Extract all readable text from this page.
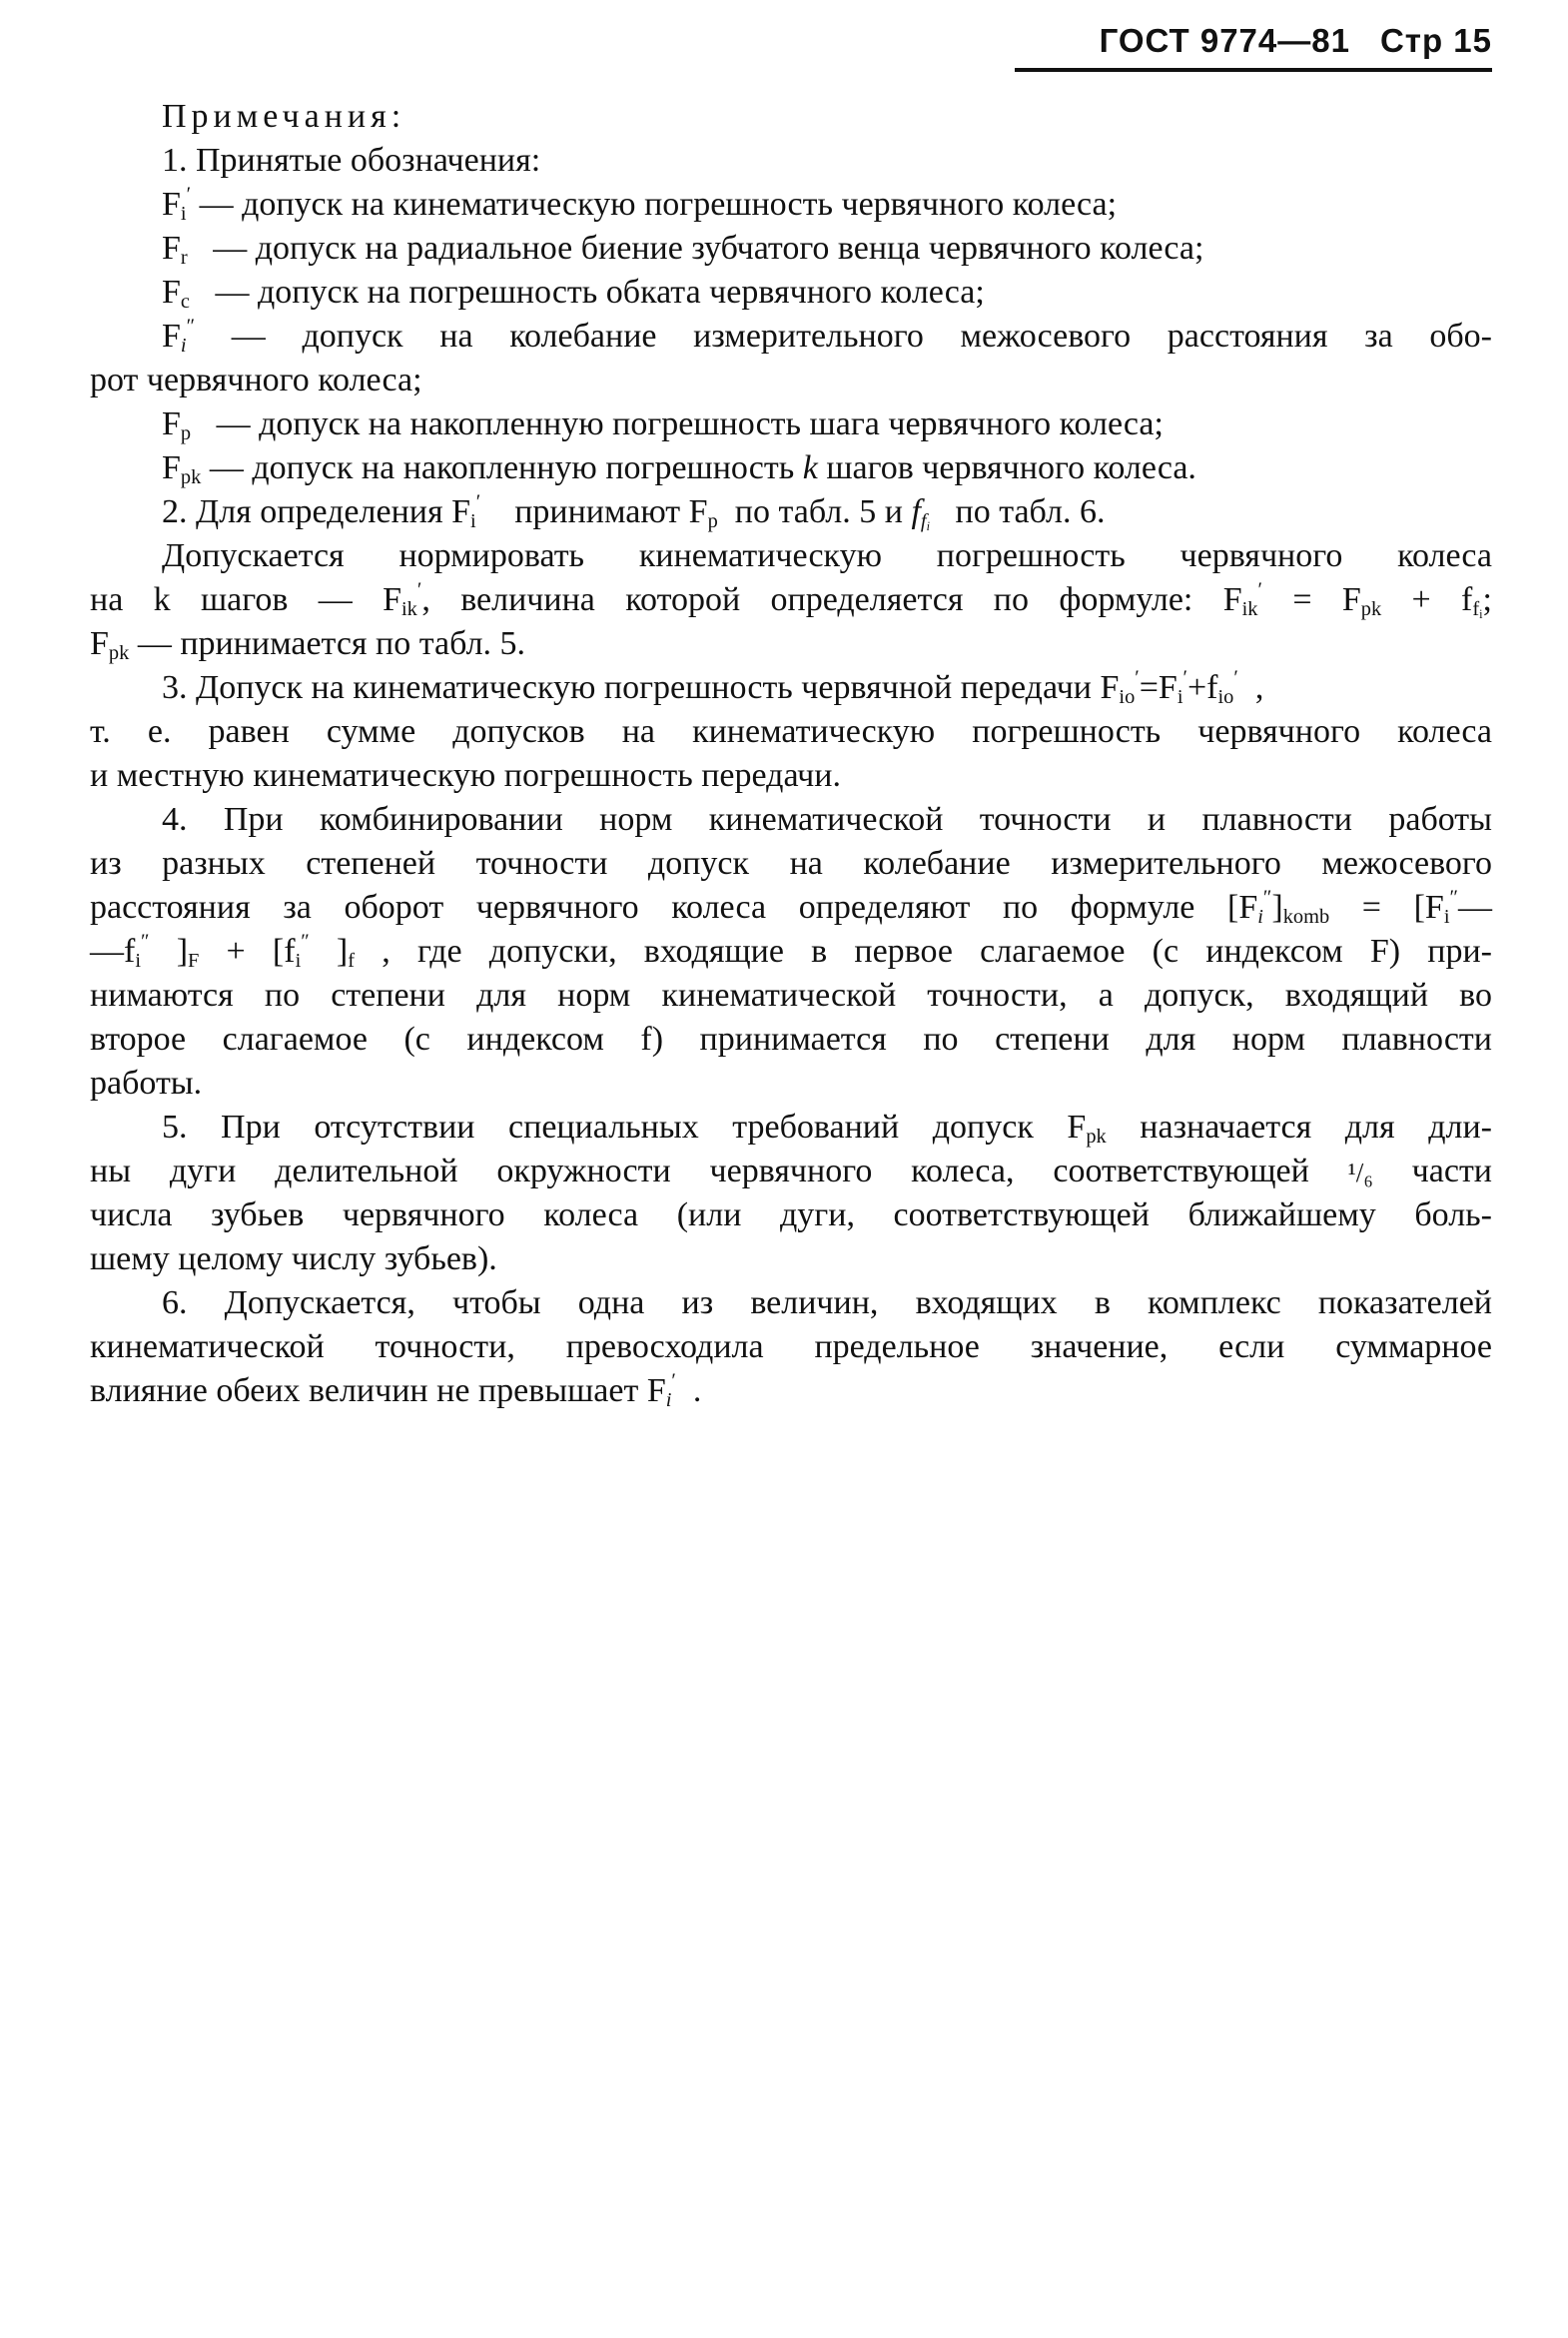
ГОСТ 9774—81 Стр 15
Примечания:
1. Принятые обозначения:
$F_i'$ — допуск на кинематическую погрешность червячного колеса;
$F_r$ — допуск на радиальное биение зубчатого венца червячного колеса;
$F_c$ — допуск на погрешность обката червячного колеса;
$F_i''$ — допуск на колебание измерительного межосевого расстояния за обо-
рот червячного колеса;
$F_p$ — допуск на накопленную погрешность шага червячного колеса;
$F_{pk}$ — допуск на накопленную погрешность k шагов червячного колеса.
2. Для определения $F_i'$ принимают $F_p$ по табл. 5 и $f_{f_i}$ по табл. 6.
Допускается нормировать кинематическую погрешность червячного колеса
на k шагов — $F_{ik}'$, величина которой определяется по формуле: $F_{ik}' = F_{pk} + f_{f_i}$;
$F_{pk}$ — принимается по табл. 5.
3. Допуск на кинематическую погрешность червячной передачи $F_{io}'=F_i'+f_{io}'$  ,
т. е. равен сумме допусков на кинематическую погрешность червячного колеса
и местную кинематическую погрешность передачи.
4. При комбинировании норм кинематической точности и плавности работы
из разных степеней точности допуск на колебание измерительного межосевого
расстояния за оборот червячного колеса определяют по формуле $[F_i'']_{komb}$ = [$F_i''—$
$—f_i''$ ]$_F + [f_i''$ ]$_f$ , где допуски, входящие в первое слагаемое (с индексом F) при-
нимаются по степени для норм кинематической точности, а допуск, входящий во
второе слагаемое (с индексом f) принимается по степени для норм плавности
работы.
5. При отсутствии специальных требований допуск $F_{pk}$ назначается для дли-
ны дуги делительной окружности червячного колеса, соответствующей ¹/₆ части
числа зубьев червячного колеса (или дуги, соответствующей ближайшему боль-
шему целому числу зубьев).
6. Допускается, чтобы одна из величин, входящих в комплекс показателей
кинематической точности, превосходила предельное значение, если суммарное
влияние обеих величин не превышает $F_i'$  .
